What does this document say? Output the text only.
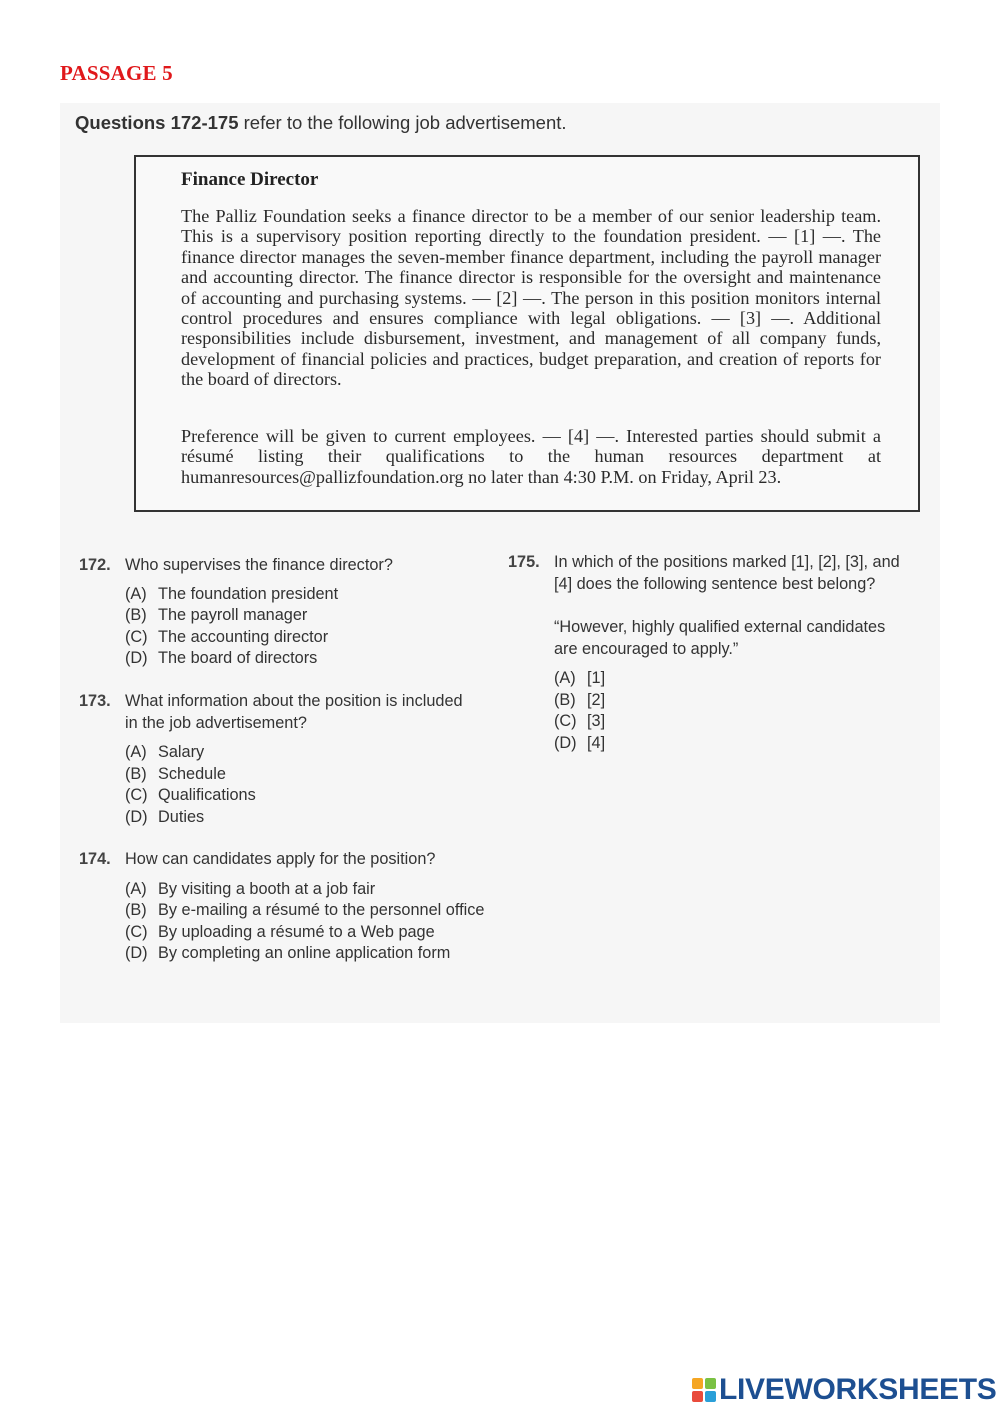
PASSAGE 5
Questions 172-175 refer to the following job advertisement.
Finance Director
The Palliz Foundation seeks a finance director to be a member of our senior leadership team. This is a supervisory position reporting directly to the foundation president. — [1] —. The finance director manages the seven-member finance department, including the payroll manager and accounting director. The finance director is responsible for the oversight and maintenance of accounting and purchasing systems. — [2] —. The person in this position monitors internal control procedures and ensures compliance with legal obligations. — [3] —. Additional responsibilities include disbursement, investment, and management of all company funds, development of financial policies and practices, budget preparation, and creation of reports for the board of directors.
Preference will be given to current employees. — [4] —. Interested parties should submit a résumé listing their qualifications to the human resources department at humanresources@pallizfoundation.org no later than 4:30 P.M. on Friday, April 23.
172. Who supervises the finance director?
(A) The foundation president
(B) The payroll manager
(C) The accounting director
(D) The board of directors
173. What information about the position is included in the job advertisement?
(A) Salary
(B) Schedule
(C) Qualifications
(D) Duties
174. How can candidates apply for the position?
(A) By visiting a booth at a job fair
(B) By e-mailing a résumé to the personnel office
(C) By uploading a résumé to a Web page
(D) By completing an online application form
175. In which of the positions marked [1], [2], [3], and [4] does the following sentence best belong?
“However, highly qualified external candidates are encouraged to apply.”
(A) [1]
(B) [2]
(C) [3]
(D) [4]
LIVEWORKSHEETS
